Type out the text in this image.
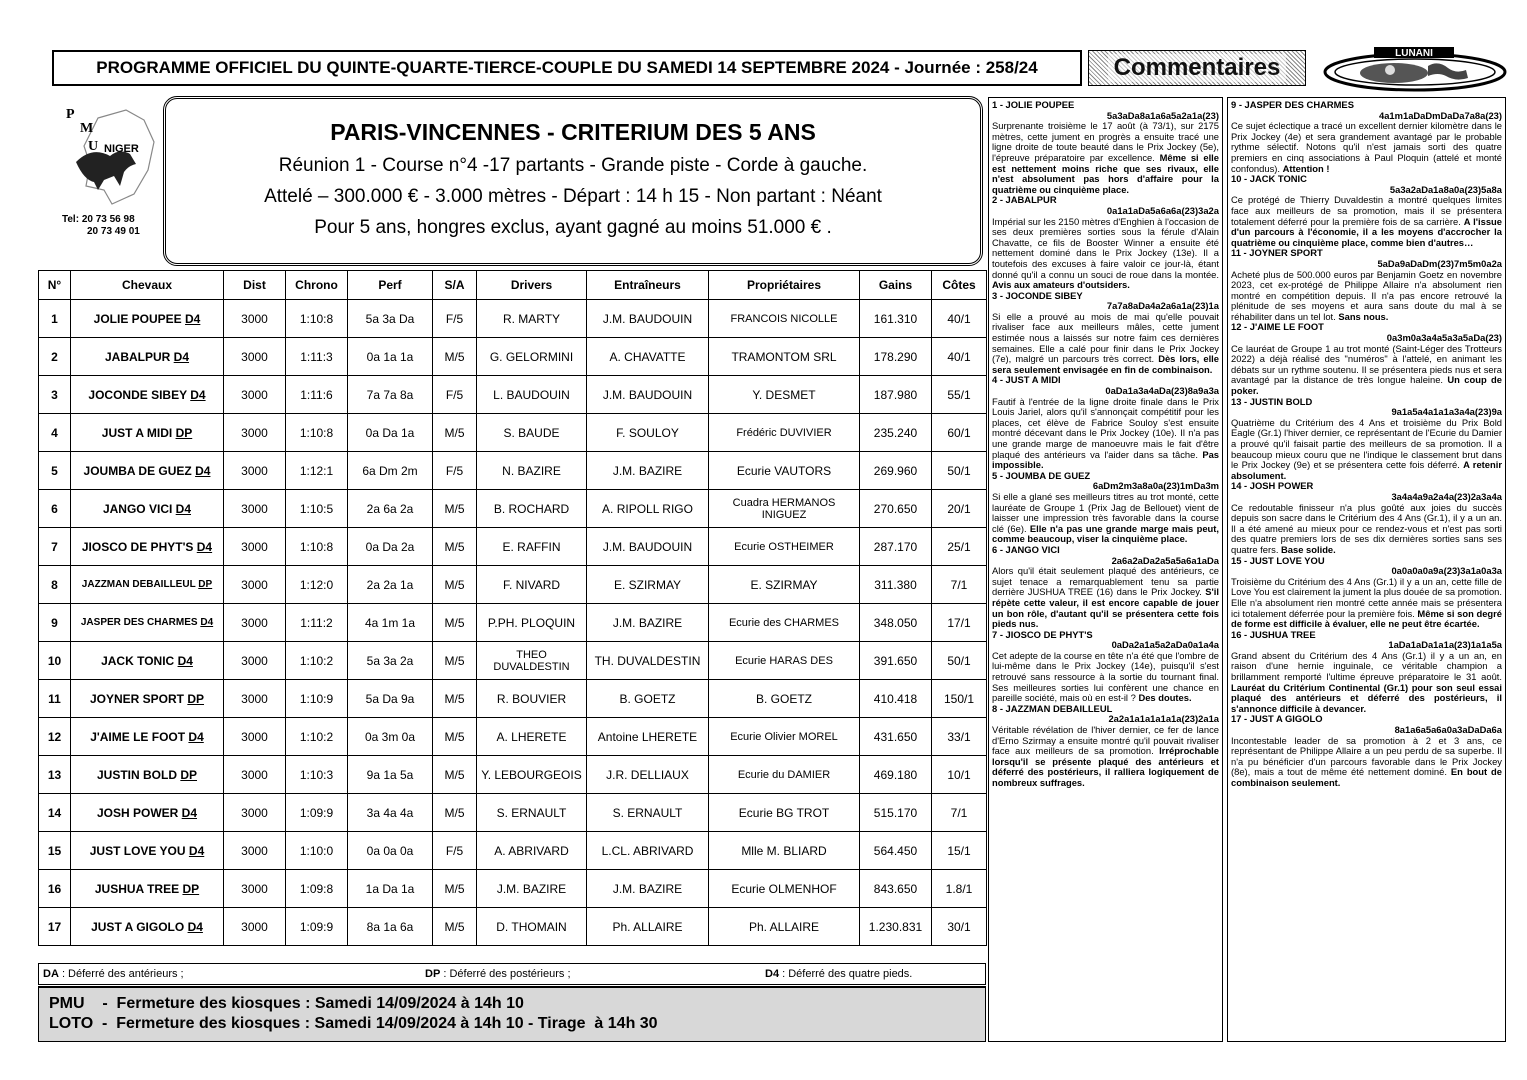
PROGRAMME OFFICIEL DU QUINTE-QUARTE-TIERCE-COUPLE DU SAMEDI 14 SEPTEMBRE 2024 - Journée : 258/24	Commentaires
LUNANI
P
M
U NIGER
Tel: 20 73 56 98
20 73 49 01
PARIS-VINCENNES - CRITERIUM DES 5 ANS
Réunion 1 - Course n°4 -17 partants - Grande piste - Corde à gauche.
Attelé – 300.000 € - 3.000 mètres - Départ : 14 h 15 - Non partant : Néant
Pour 5 ans, hongres exclus, ayant gagné au moins 51.000 € .
N°	Chevaux	Dist	Chrono	Perf	S/A	Drivers	Entraîneurs	Propriétaires	Gains	Côtes
1	JOLIE POUPEE D4	3000	1:10:8	5a 3a Da	F/5	R. MARTY	J.M. BAUDOUIN	FRANCOIS NICOLLE	161.310	40/1
2	JABALPUR D4	3000	1:11:3	0a 1a 1a	M/5	G. GELORMINI	A. CHAVATTE	TRAMONTOM SRL	178.290	40/1
3	JOCONDE SIBEY D4	3000	1:11:6	7a 7a 8a	F/5	L. BAUDOUIN	J.M. BAUDOUIN	Y. DESMET	187.980	55/1
4	JUST A MIDI DP	3000	1:10:8	0a Da 1a	M/5	S. BAUDE	F. SOULOY	Frédéric DUVIVIER	235.240	60/1
5	JOUMBA DE GUEZ D4	3000	1:12:1	6a Dm 2m	F/5	N. BAZIRE	J.M. BAZIRE	Ecurie VAUTORS	269.960	50/1
6	JANGO VICI D4	3000	1:10:5	2a 6a 2a	M/5	B. ROCHARD	A. RIPOLL RIGO	Cuadra HERMANOS INIGUEZ	270.650	20/1
7	JIOSCO DE PHYT'S D4	3000	1:10:8	0a Da 2a	M/5	E. RAFFIN	J.M. BAUDOUIN	Ecurie OSTHEIMER	287.170	25/1
8	JAZZMAN DEBAILLEUL DP	3000	1:12:0	2a 2a 1a	M/5	F. NIVARD	E. SZIRMAY	E. SZIRMAY	311.380	7/1
9	JASPER DES CHARMES D4	3000	1:11:2	4a 1m 1a	M/5	P.PH. PLOQUIN	J.M. BAZIRE	Ecurie des CHARMES	348.050	17/1
10	JACK TONIC D4	3000	1:10:2	5a 3a 2a	M/5	THEO DUVALDESTIN	TH. DUVALDESTIN	Ecurie HARAS DES	391.650	50/1
11	JOYNER SPORT DP	3000	1:10:9	5a Da 9a	M/5	R. BOUVIER	B. GOETZ	B. GOETZ	410.418	150/1
12	J'AIME LE FOOT D4	3000	1:10:2	0a 3m 0a	M/5	A. LHERETE	Antoine LHERETE	Ecurie Olivier MOREL	431.650	33/1
13	JUSTIN BOLD DP	3000	1:10:3	9a 1a 5a	M/5	Y. LEBOURGEOIS	J.R. DELLIAUX	Ecurie du DAMIER	469.180	10/1
14	JOSH POWER D4	3000	1:09:9	3a 4a 4a	M/5	S. ERNAULT	S. ERNAULT	Ecurie BG TROT	515.170	7/1
15	JUST LOVE YOU D4	3000	1:10:0	0a 0a 0a	F/5	A. ABRIVARD	L.CL. ABRIVARD	Mlle M. BLIARD	564.450	15/1
16	JUSHUA TREE DP	3000	1:09:8	1a Da 1a	M/5	J.M. BAZIRE	J.M. BAZIRE	Ecurie OLMENHOF	843.650	1.8/1
17	JUST A GIGOLO D4	3000	1:09:9	8a 1a 6a	M/5	D. THOMAIN	Ph. ALLAIRE	Ph. ALLAIRE	1.230.831	30/1
DA : Déferré des antérieurs ;	DP : Déferré des postérieurs ;	D4 : Déferré des quatre pieds.
PMU    -  Fermeture des kiosques : Samedi 14/09/2024 à 14h 10
LOTO  -  Fermeture des kiosques : Samedi 14/09/2024 à 14h 10 - Tirage  à 14h 30
1 - JOLIE POUPEE
5a3aDa8a1a6a5a2a1a(23)
Surprenante troisième le 17 août (à 73/1), sur 2175 mètres, cette jument en progrès a ensuite tracé une ligne droite de toute beauté dans le Prix Jockey (5e), l'épreuve préparatoire par excellence. Même si elle est nettement moins riche que ses rivaux, elle n'est absolument pas hors d'affaire pour la quatrième ou cinquième place.
2 - JABALPUR
0a1a1aDa5a6a6a(23)3a2a
Impérial sur les 2150 mètres d'Enghien à l'occasion de ses deux premières sorties sous la férule d'Alain Chavatte, ce fils de Booster Winner a ensuite été nettement dominé dans le Prix Jockey (13e). Il a toutefois des excuses à faire valoir ce jour-là, étant donné qu'il a connu un souci de roue dans la montée. Avis aux amateurs d'outsiders.
3 - JOCONDE SIBEY
7a7a8aDa4a2a6a1a(23)1a
Si elle a prouvé au mois de mai qu'elle pouvait rivaliser face aux meilleurs mâles, cette jument estimée nous a laissés sur notre faim ces dernières semaines. Elle a calé pour finir dans le Prix Jockey (7e), malgré un parcours très correct. Dès lors, elle sera seulement envisagée en fin de combinaison.
4 - JUST A MIDI
0aDa1a3a4aDa(23)8a9a3a
Fautif à l'entrée de la ligne droite finale dans le Prix Louis Jariel, alors qu'il s'annonçait compétitif pour les places, cet élève de Fabrice Souloy s'est ensuite montré décevant dans le Prix Jockey (10e). Il n'a pas une grande marge de manoeuvre mais le fait d'être plaqué des antérieurs va l'aider dans sa tâche. Pas impossible.
5 - JOUMBA DE GUEZ
6aDm2m3a8a0a(23)1mDa3m
Si elle a glané ses meilleurs titres au trot monté, cette lauréate de Groupe 1 (Prix Jag de Bellouet) vient de laisser une impression très favorable dans la course clé (6e). Elle n'a pas une grande marge mais peut, comme beaucoup, viser la cinquième place.
6 - JANGO VICI
2a6a2aDa2a5a5a6a1aDa
Alors qu'il était seulement plaqué des antérieurs, ce sujet tenace a remarquablement tenu sa partie derrière JUSHUA TREE (16) dans le Prix Jockey. S'il répète cette valeur, il est encore capable de jouer un bon rôle, d'autant qu'il se présentera cette fois pieds nus.
7 - JIOSCO DE PHYT'S
0aDa2a1a5a2aDa0a1a4a
Cet adepte de la course en tête n'a été que l'ombre de lui-même dans le Prix Jockey (14e), puisqu'il s'est retrouvé sans ressource à la sortie du tournant final. Ses meilleures sorties lui confèrent une chance en pareille société, mais où en est-il ? Des doutes.
8 - JAZZMAN DEBAILLEUL
2a2a1a1a1a1a1a(23)2a1a
Véritable révélation de l'hiver dernier, ce fer de lance d'Erno Szirmay a ensuite montré qu'il pouvait rivaliser face aux meilleurs de sa promotion. Irréprochable lorsqu'il se présente plaqué des antérieurs et déferré des postérieurs, il ralliera logiquement de nombreux suffrages.
9 - JASPER DES CHARMES
4a1m1aDaDmDaDa7a8a(23)
Ce sujet éclectique a tracé un excellent dernier kilomètre dans le Prix Jockey (4e) et sera grandement avantagé par le probable rythme sélectif. Notons qu'il n'est jamais sorti des quatre premiers en cinq associations à Paul Ploquin (attelé et monté confondus). Attention !
10 - JACK TONIC
5a3a2aDa1a8a0a(23)5a8a
Ce protégé de Thierry Duvaldestin a montré quelques limites face aux meilleurs de sa promotion, mais il se présentera totalement déferré pour la première fois de sa carrière. A l'issue d'un parcours à l'économie, il a les moyens d'accrocher la quatrième ou cinquième place, comme bien d'autres…
11 - JOYNER SPORT
5aDa9aDaDm(23)7m5m0a2a
Acheté plus de 500.000 euros par Benjamin Goetz en novembre 2023, cet ex-protégé de Philippe Allaire n'a absolument rien montré en compétition depuis. Il n'a pas encore retrouvé la plénitude de ses moyens et aura sans doute du mal à se réhabiliter dans un tel lot. Sans nous.
12 - J'AIME LE FOOT
0a3m0a3a4a5a3a5aDa(23)
Ce lauréat de Groupe 1 au trot monté (Saint-Léger des Trotteurs 2022) a déjà réalisé des "numéros" à l'attelé, en animant les débats sur un rythme soutenu. Il se présentera pieds nus et sera avantagé par la distance de très longue haleine. Un coup de poker.
13 - JUSTIN BOLD
9a1a5a4a1a1a3a4a(23)9a
Quatrième du Critérium des 4 Ans et troisième du Prix Bold Eagle (Gr.1) l'hiver dernier, ce représentant de l'Ecurie du Damier a prouvé qu'il faisait partie des meilleurs de sa promotion. Il a beaucoup mieux couru que ne l'indique le classement brut dans le Prix Jockey (9e) et se présentera cette fois déferré. A retenir absolument.
14 - JOSH POWER
3a4a4a9a2a4a(23)2a3a4a
Ce redoutable finisseur n'a plus goûté aux joies du succès depuis son sacre dans le Critérium des 4 Ans (Gr.1), il y a un an. Il a été amené au mieux pour ce rendez-vous et n'est pas sorti des quatre premiers lors de ses dix dernières sorties sans ses quatre fers. Base solide.
15 - JUST LOVE YOU
0a0a0a0a9a(23)3a1a0a3a
Troisième du Critérium des 4 Ans (Gr.1) il y a un an, cette fille de Love You est clairement la jument la plus douée de sa promotion. Elle n'a absolument rien montré cette année mais se présentera ici totalement déferrée pour la première fois. Même si son degré de forme est difficile à évaluer, elle ne peut être écartée.
16 - JUSHUA TREE
1aDa1aDa1a1a(23)1a1a5a
Grand absent du Critérium des 4 Ans (Gr.1) il y a un an, en raison d'une hernie inguinale, ce véritable champion a brillamment remporté l'ultime épreuve préparatoire le 31 août. Lauréat du Critérium Continental (Gr.1) pour son seul essai plaqué des antérieurs et déferré des postérieurs, il s'annonce difficile à devancer.
17 - JUST A GIGOLO
8a1a6a5a6a0a3aDaDa6a
Incontestable leader de sa promotion à 2 et 3 ans, ce représentant de Philippe Allaire a un peu perdu de sa superbe. Il n'a pu bénéficier d'un parcours favorable dans le Prix Jockey (8e), mais a tout de même été nettement dominé. En bout de combinaison seulement.
